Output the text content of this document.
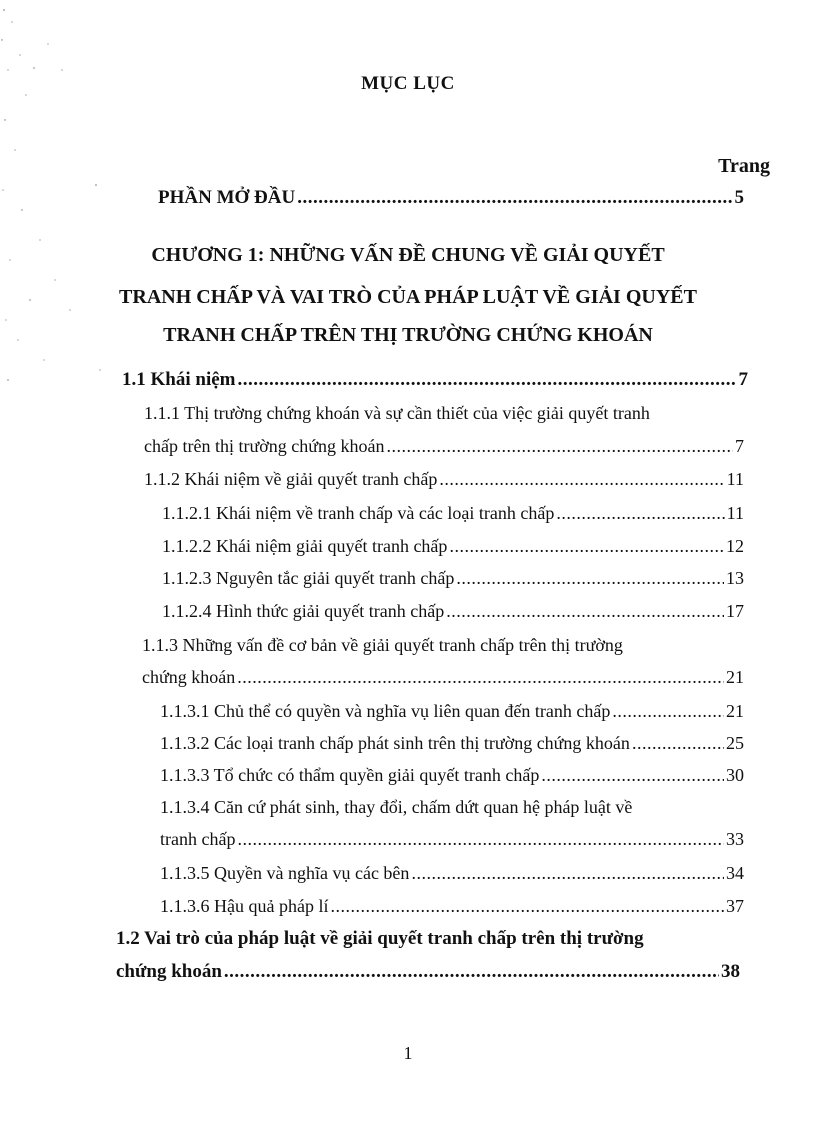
MỤC LỤC
Trang
PHẦN MỞ ĐẦU .....	5
CHƯƠNG 1: NHỮNG VẤN ĐỀ CHUNG VỀ GIẢI QUYẾT
TRANH CHẤP VÀ VAI TRÒ CỦA PHÁP LUẬT VỀ GIẢI QUYẾT
TRANH CHẤP TRÊN THỊ TRƯỜNG CHỨNG KHOÁN
1.1 Khái niệm .....	7
1.1.1 Thị trường chứng khoán và sự cần thiết của việc giải quyết tranh
chấp trên thị trường chứng khoán .....	7
1.1.2 Khái niệm về giải quyết tranh chấp .....	11
1.1.2.1 Khái niệm về tranh chấp và các loại tranh chấp .....	11
1.1.2.2 Khái niệm giải quyết tranh chấp .....	12
1.1.2.3 Nguyên tắc giải quyết tranh chấp .....	13
1.1.2.4 Hình thức giải quyết tranh chấp .....	17
1.1.3 Những vấn đề cơ bản về giải quyết tranh chấp trên thị trường
chứng khoán .....	21
1.1.3.1 Chủ thể có quyền và nghĩa vụ liên quan đến tranh chấp .....	21
1.1.3.2 Các loại tranh chấp phát sinh trên thị trường chứng khoán .....	25
1.1.3.3 Tổ chức có thẩm quyền giải quyết tranh chấp .....	30
1.1.3.4 Căn cứ phát sinh, thay đổi, chấm dứt quan hệ pháp luật về
tranh chấp .....	33
1.1.3.5 Quyền và nghĩa vụ các bên .....	34
1.1.3.6 Hậu quả pháp lí .....	37
1.2 Vai trò của pháp luật về giải quyết tranh chấp trên thị trường
chứng khoán .....	38
1
